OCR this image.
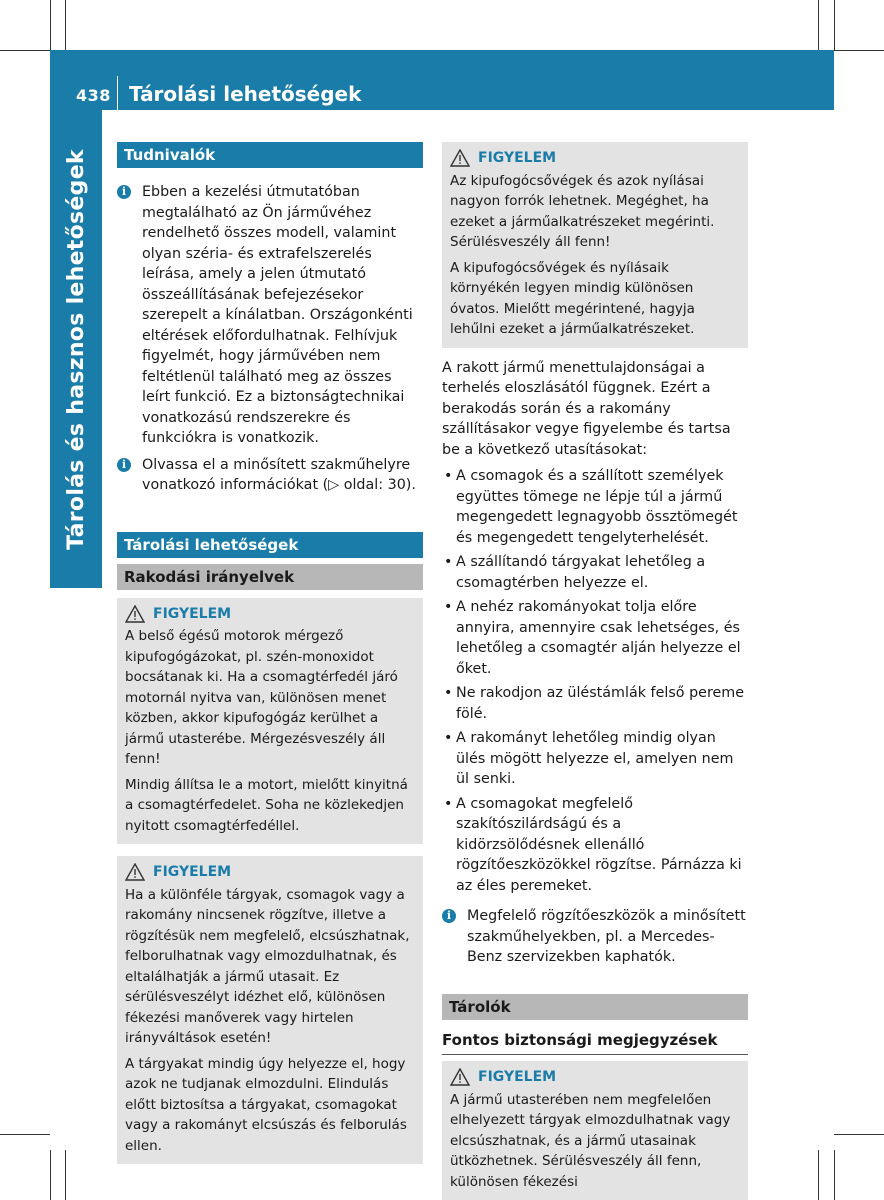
438 Tárolási lehetőségek
Tárolás és hasznos lehetőségek	Tudnivalók
i	Ebben a kezelési útmutatóban megtalálható az Ön járművéhez rendelhető összes modell, valamint olyan széria- és extrafelszerelés leírása, amely a jelen útmutató összeállításának befejezésekor szerepelt a kínálatban. Országonkénti eltérések előfordulhatnak. Felhívjuk figyelmét, hogy járművében nem feltétlenül található meg az összes leírt funkció. Ez a biztonságtechnikai vonatkozású rendszerekre és funkciókra is vonatkozik.
i	Olvassa el a minősített szakműhelyre vonatkozó információkat (▷ oldal: 30).
Tárolási lehetőségek
Rakodási irányelvek
FIGYELEM

A belső égésű motorok mérgező kipufogógázokat, pl. szén-monoxidot bocsátanak ki. Ha a csomagtérfedél járó motornál nyitva van, különösen menet közben, akkor kipufogógáz kerülhet a jármű utasterébe. Mérgezésveszély áll fenn!

Mindig állítsa le a motort, mielőtt kinyitná a csomagtérfedelet. Soha ne közlekedjen nyitott csomagtérfedéllel.

FIGYELEM

Ha a különféle tárgyak, csomagok vagy a rakomány nincsenek rögzítve, illetve a rögzítésük nem megfelelő, elcsúszhatnak, felborulhatnak vagy elmozdulhatnak, és eltalálhatják a jármű utasait. Ez sérülésveszélyt idézhet elő, különösen fékezési manőverek vagy hirtelen irányváltások esetén!

A tárgyakat mindig úgy helyezze el, hogy azok ne tudjanak elmozdulni. Elindulás előtt biztosítsa a tárgyakat, csomagokat vagy a rakományt elcsúszás és felborulás ellen.

FIGYELEM

Az kipufogócsővégek és azok nyílásai nagyon forrók lehetnek. Megéghet, ha ezeket a járműalkatrészeket megérinti. Sérülésveszély áll fenn!

A kipufogócsővégek és nyílásaik környékén legyen mindig különösen óvatos. Mielőtt megérintené, hagyja lehűlni ezeket a járműalkatrészeket.

A rakott jármű menettulajdonságai a terhelés eloszlásától függnek. Ezért a berakodás során és a rakomány szállításakor vegye figyelembe és tartsa be a következő utasításokat:

• A csomagok és a szállított személyek együttes tömege ne lépje túl a jármű megengedett legnagyobb össztömegét és megengedett tengelyterhelését.
• A szállítandó tárgyakat lehetőleg a csomagtérben helyezze el.
• A nehéz rakományokat tolja előre annyira, amennyire csak lehetséges, és lehetőleg a csomagtér alján helyezze el őket.
• Ne rakodjon az üléstámlák felső pereme fölé.
• A rakományt lehetőleg mindig olyan ülés mögött helyezze el, amelyen nem ül senki.
• A csomagokat megfelelő szakítószilárdságú és a kidörzsölődésnek ellenálló rögzítőeszközökkel rögzítse. Párnázza ki az éles peremeket.
i	Megfelelő rögzítőeszközök a minősített szakműhelyekben, pl. a Mercedes-Benz szervizekben kaphatók.
Tárolók
Fontos biztonsági megjegyzések
FIGYELEM

A jármű utasterében nem megfelelően elhelyezett tárgyak elmozdulhatnak vagy elcsúszhatnak, és a jármű utasainak ütközhetnek. Sérülésveszély áll fenn, különösen fékezési
